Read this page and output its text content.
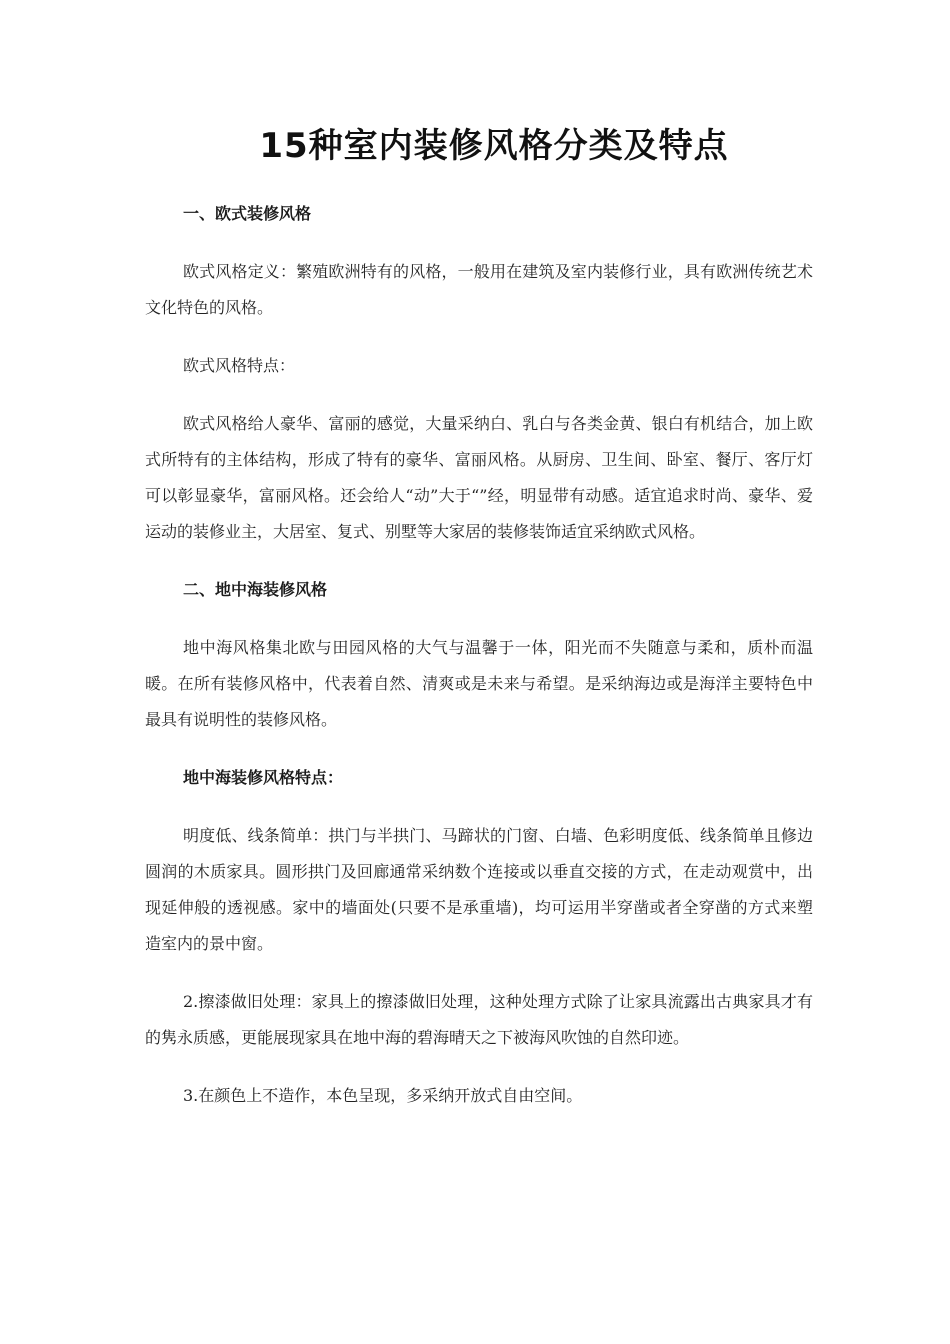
15种室内装修风格分类及特点
一、欧式装修风格

欧式风格定义：繁殖欧洲特有的风格，一般用在建筑及室内装修行业，具有欧洲传统艺术文化特色的风格。

欧式风格特点：

欧式风格给人豪华、富丽的感觉，大量采纳白、乳白与各类金黄、银白有机结合，加上欧式所特有的主体结构，形成了特有的豪华、富丽风格。从厨房、卫生间、卧室、餐厅、客厅灯可以彰显豪华，富丽风格。还会给人“动”大于“”经，明显带有动感。适宜追求时尚、豪华、爱运动的装修业主，大居室、复式、别墅等大家居的装修装饰适宜采纳欧式风格。

二、地中海装修风格

地中海风格集北欧与田园风格的大气与温馨于一体，阳光而不失随意与柔和，质朴而温暖。在所有装修风格中，代表着自然、清爽或是未来与希望。是采纳海边或是海洋主要特色中最具有说明性的装修风格。

地中海装修风格特点：

明度低、线条简单：拱门与半拱门、马蹄状的门窗、白墙、色彩明度低、线条简单且修边圆润的木质家具。圆形拱门及回廊通常采纳数个连接或以垂直交接的方式，在走动观赏中，出现延伸般的透视感。家中的墙面处(只要不是承重墙)，均可运用半穿凿或者全穿凿的方式来塑造室内的景中窗。

2.擦漆做旧处理：家具上的擦漆做旧处理，这种处理方式除了让家具流露出古典家具才有的隽永质感，更能展现家具在地中海的碧海晴天之下被海风吹蚀的自然印迹。

3.在颜色上不造作，本色呈现，多采纳开放式自由空间。
